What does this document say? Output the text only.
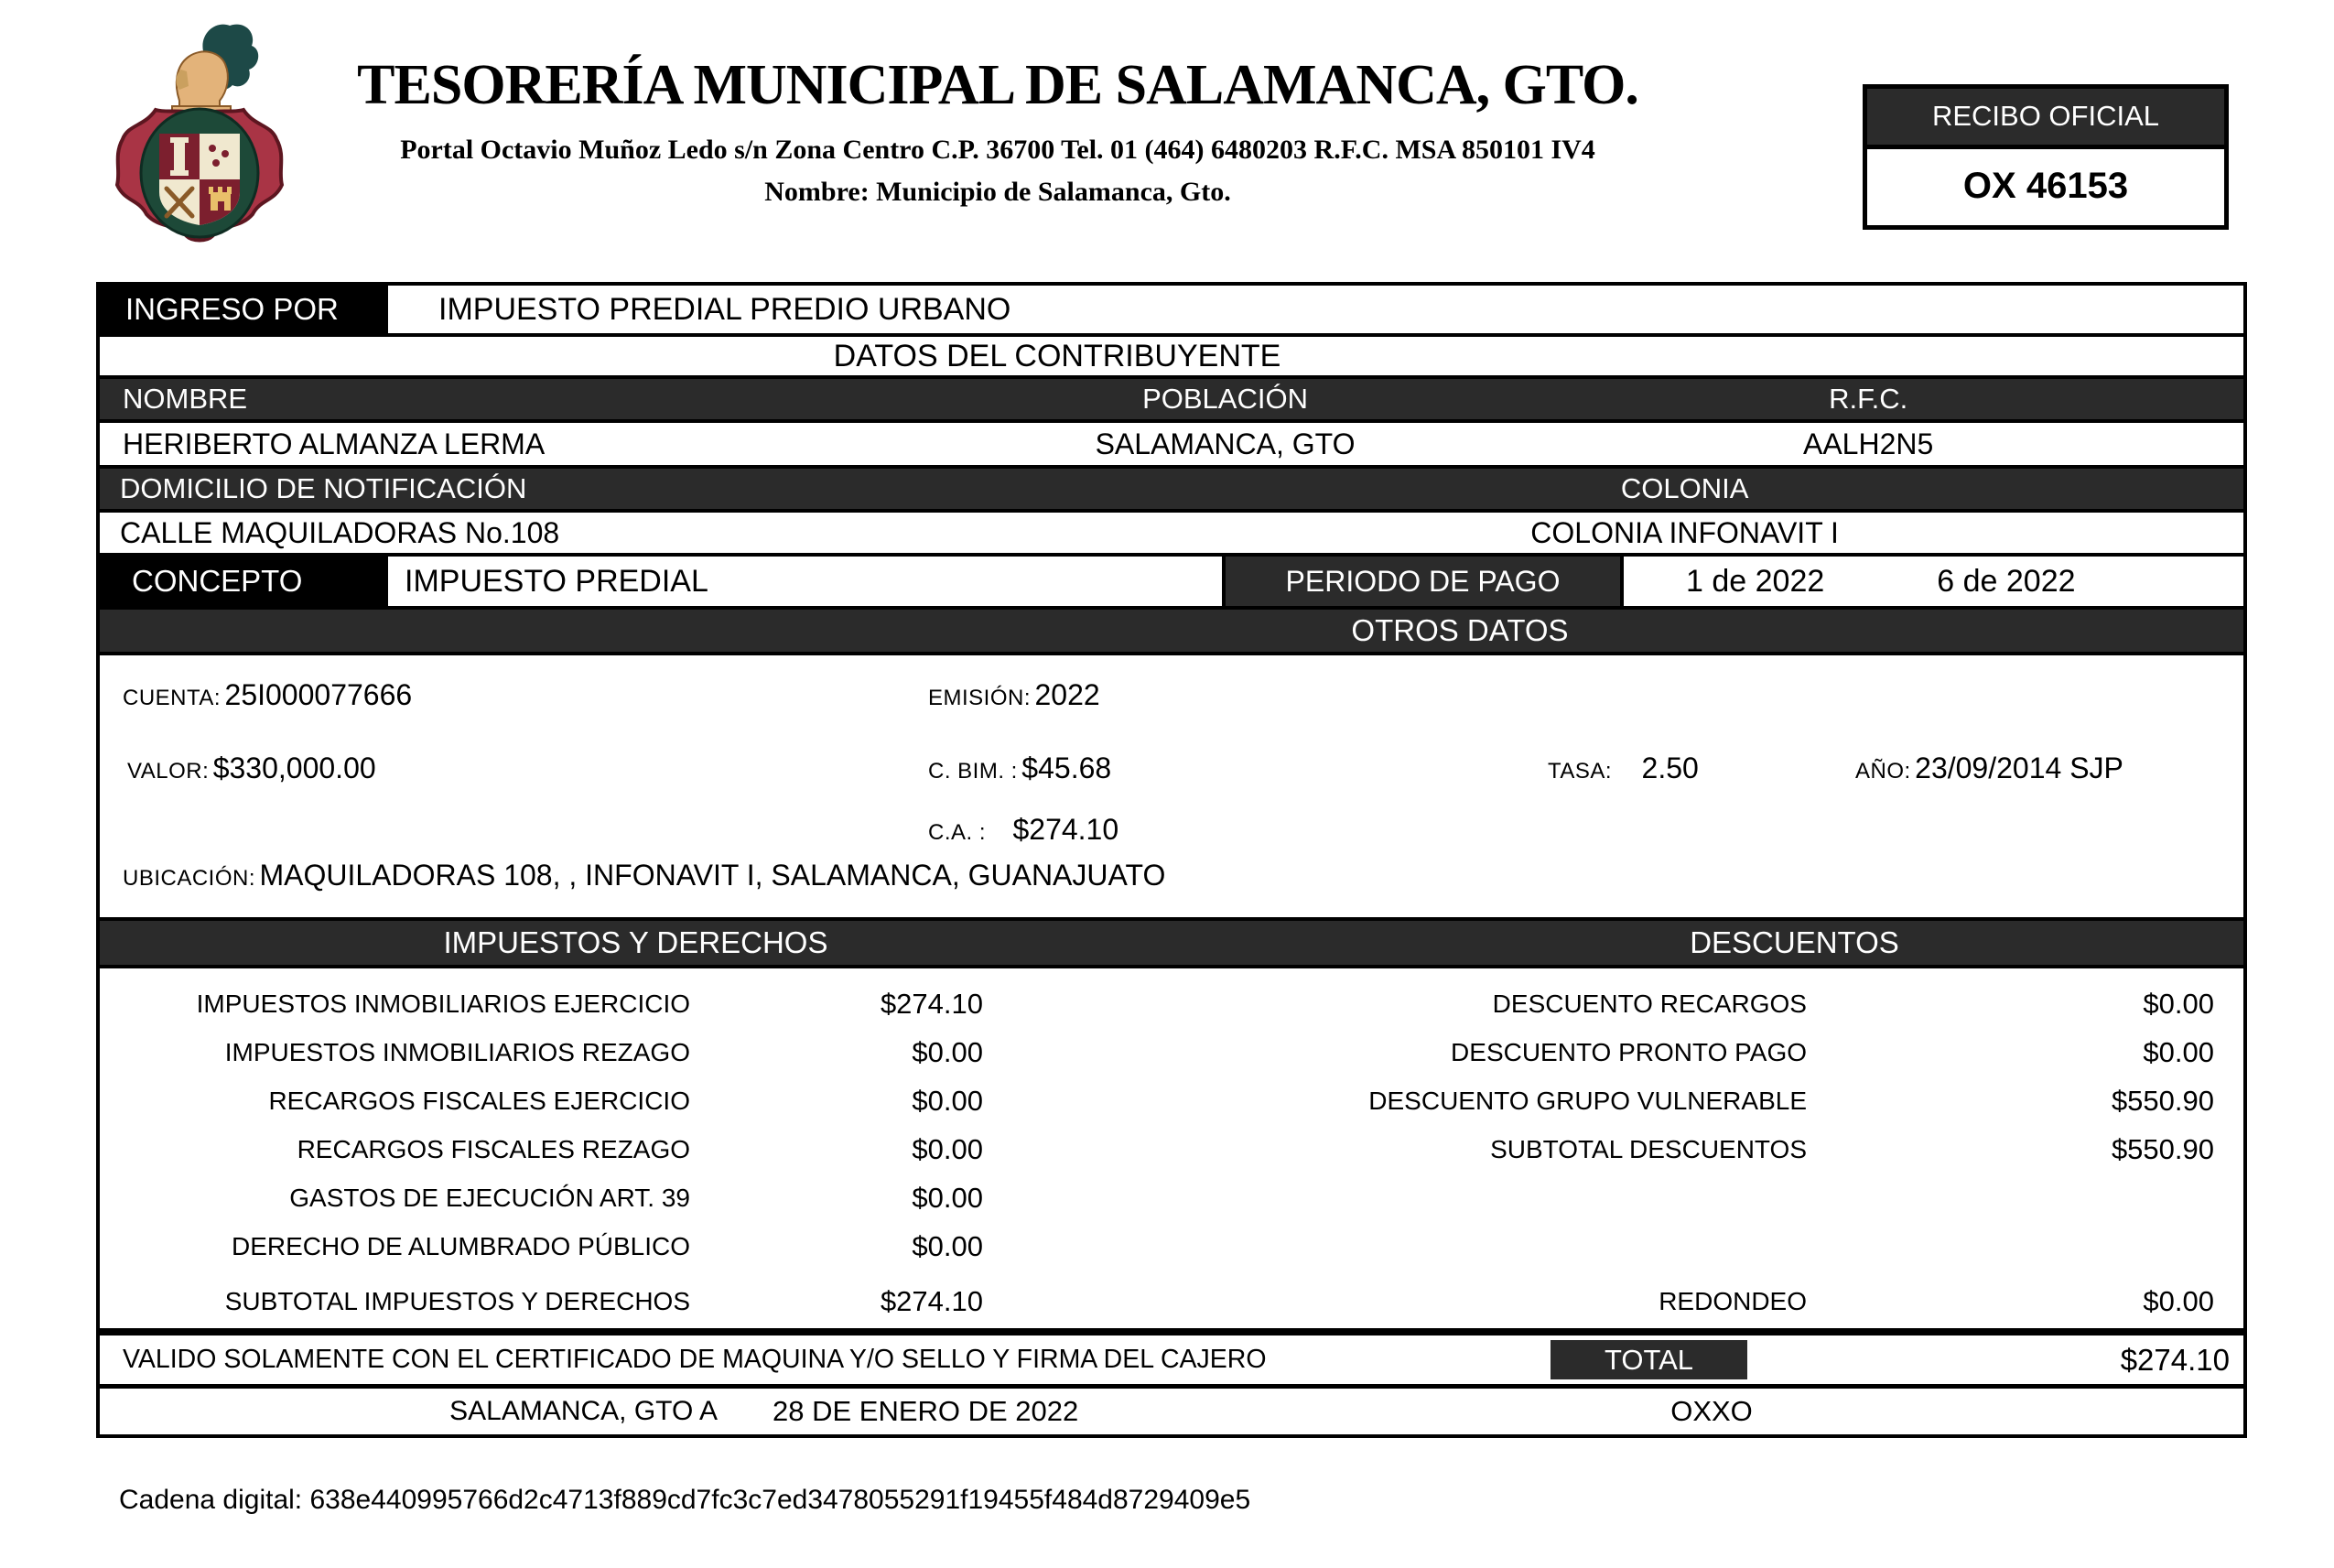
TESORERÍA MUNICIPAL DE SALAMANCA, GTO.
Portal Octavio Muñoz Ledo s/n Zona Centro C.P. 36700 Tel. 01 (464) 6480203 R.F.C. MSA 850101 IV4
Nombre: Municipio de Salamanca, Gto.
RECIBO OFICIAL
OX 46153
INGRESO POR	IMPUESTO PREDIAL PREDIO URBANO
DATOS DEL CONTRIBUYENTE
NOMBRE	POBLACIÓN	R.F.C.
HERIBERTO ALMANZA LERMA	SALAMANCA, GTO	AALH2N5
DOMICILIO DE NOTIFICACIÓN	COLONIA
CALLE MAQUILADORAS No.108	COLONIA INFONAVIT I
CONCEPTO	IMPUESTO PREDIAL	PERIODO DE PAGO	1 de 2022	6 de 2022
OTROS DATOS
CUENTA: 25I000077666	EMISIÓN: 2022
VALOR: $330,000.00	C. BIM. : $45.68	TASA: 2.50	AÑO: 23/09/2014 SJP
C.A. : $274.10
UBICACIÓN: MAQUILADORAS 108, , INFONAVIT I, SALAMANCA, GUANAJUATO
IMPUESTOS Y DERECHOS	DESCUENTOS
IMPUESTOS INMOBILIARIOS EJERCICIO	$274.10	DESCUENTO RECARGOS	$0.00
IMPUESTOS INMOBILIARIOS REZAGO	$0.00	DESCUENTO PRONTO PAGO	$0.00
RECARGOS FISCALES EJERCICIO	$0.00	DESCUENTO GRUPO VULNERABLE	$550.90
RECARGOS FISCALES REZAGO	$0.00	SUBTOTAL DESCUENTOS	$550.90
GASTOS DE EJECUCIÓN ART. 39	$0.00
DERECHO DE ALUMBRADO PÚBLICO	$0.00
SUBTOTAL IMPUESTOS Y DERECHOS	$274.10	REDONDEO	$0.00
VALIDO SOLAMENTE CON EL CERTIFICADO DE MAQUINA Y/O SELLO Y FIRMA DEL CAJERO	TOTAL	$274.10
SALAMANCA, GTO A	28 DE ENERO DE 2022	OXXO
Cadena digital: 638e440995766d2c4713f889cd7fc3c7ed3478055291f19455f484d8729409e5
